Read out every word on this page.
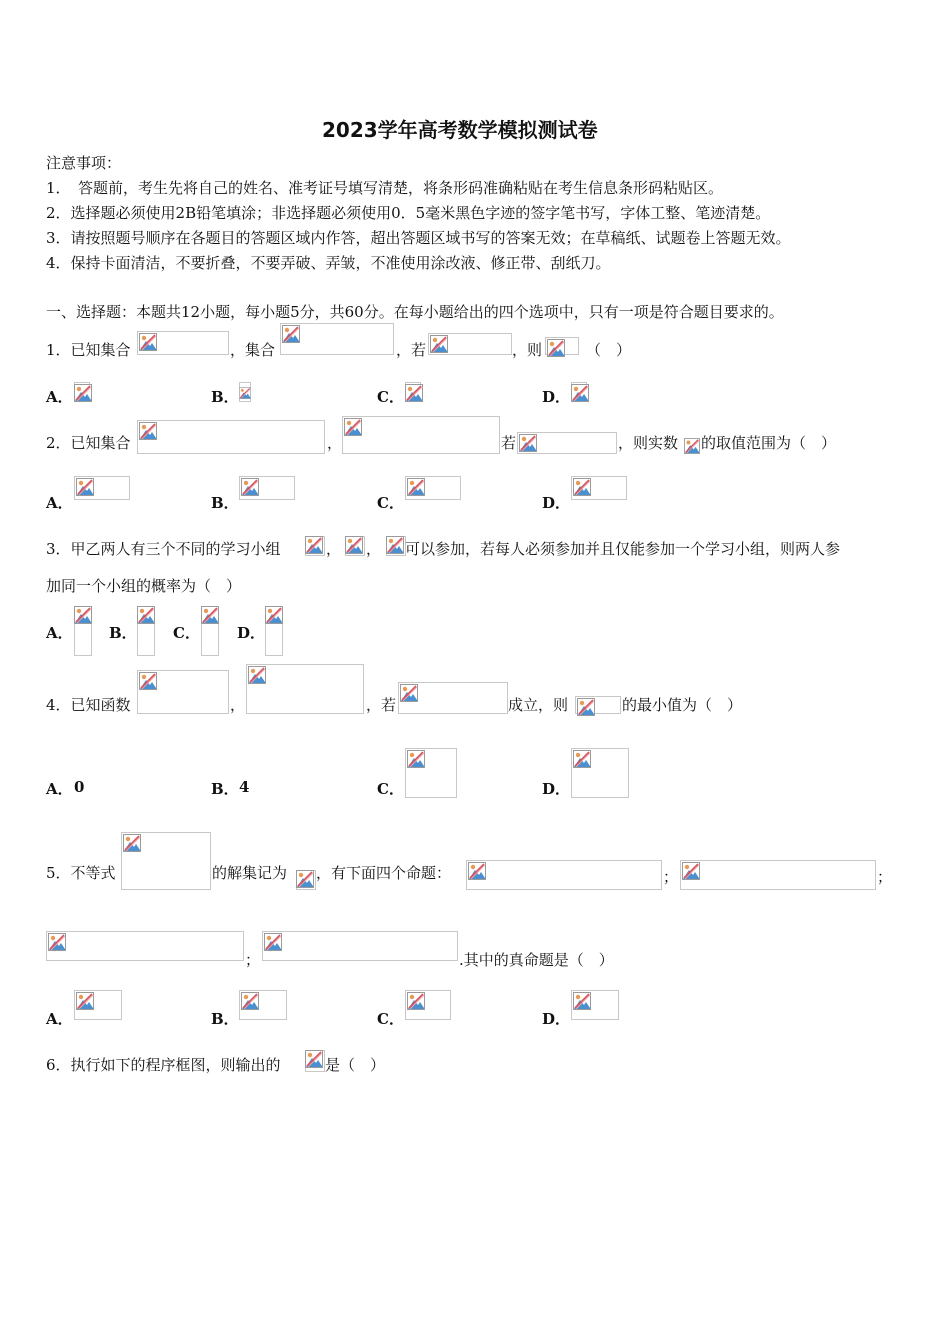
2023学年高考数学模拟测试卷
注意事项：
1．　答题前，考生先将自己的姓名、准考证号填写清楚，将条形码准确粘贴在考生信息条形码粘贴区。
2．选择题必须使用2B铅笔填涂；非选择题必须使用0．5毫米黑色字迹的签字笔书写，字体工整、笔迹清楚。
3．请按照题号顺序在各题目的答题区域内作答，超出答题区域书写的答案无效；在草稿纸、试题卷上答题无效。
4．保持卡面清洁，不要折叠，不要弄破、弄皱，不准使用涂改液、修正带、刮纸刀。
一、选择题：本题共12小题，每小题5分，共60分。在每小题给出的四个选项中，只有一项是符合题目要求的。
1．已知集合	，集合	，若	，则	（　）
A．	B．	C．	D．
2．已知集合	，	若	，则实数 的取值范围为（　）
A．	B．	C．	D．
3．甲乙两人有三个不同的学习小组	， ， 可以参加，若每人必须参加并且仅能参加一个学习小组，则两人参
加同一个小组的概率为（　）
A． B． C． D．
4．已知函数	，	，若	成立，则	的最小值为（　）
A． 0	B． 4	C．	D．
5．不等式	的解集记为 ，有下面四个命题：	；	；
；	.其中的真命题是（　）
A．	B．	C．	D．
6．执行如下的程序框图，则输出的	是（　）
